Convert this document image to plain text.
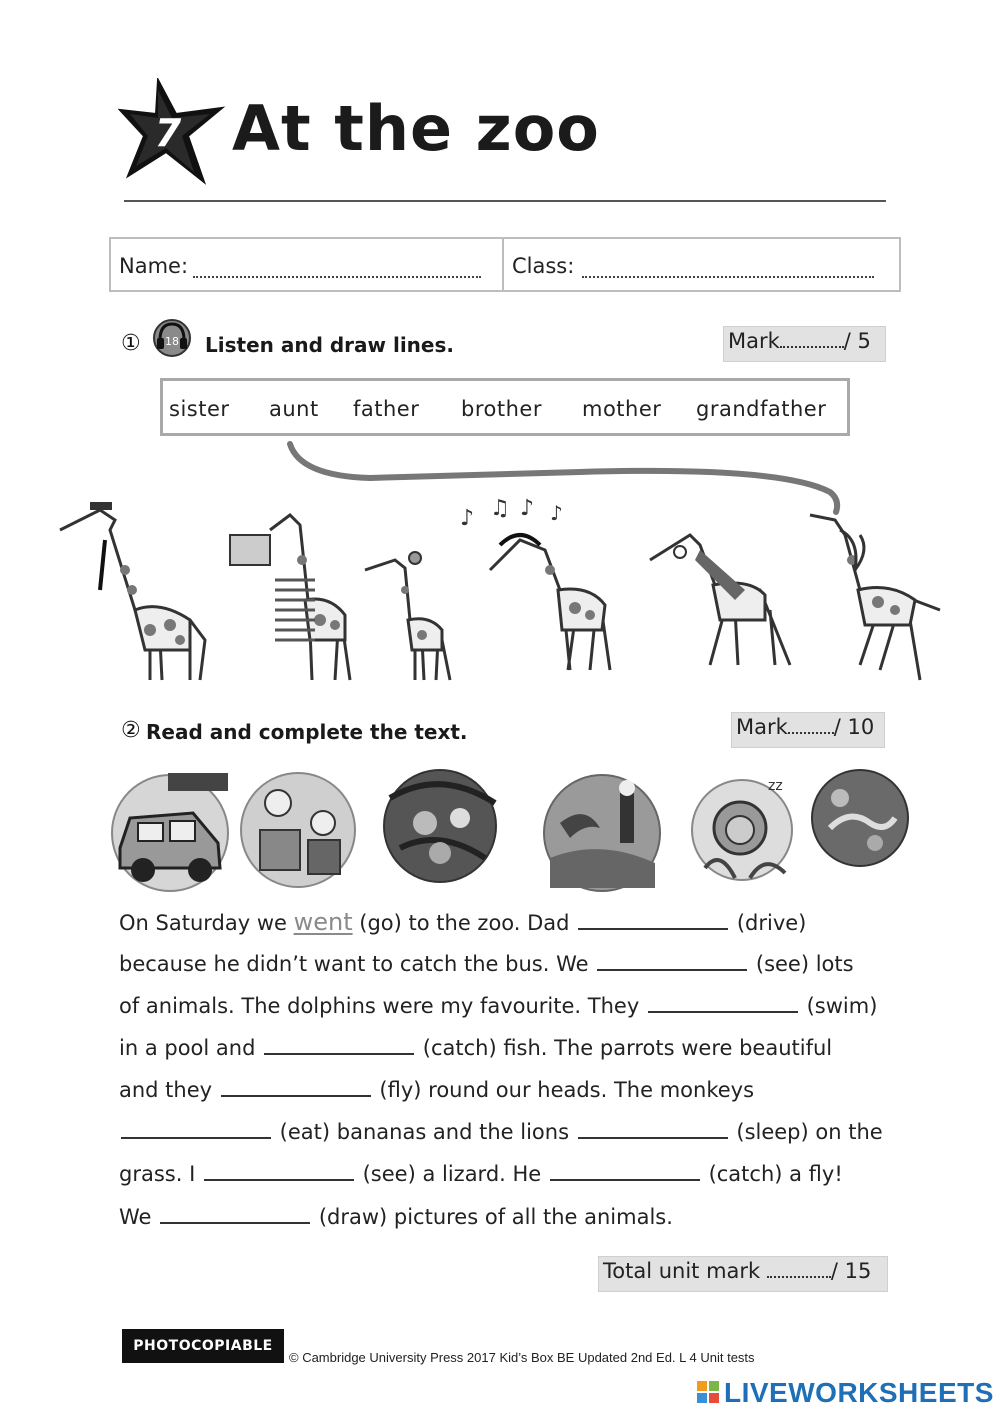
7 At the zoo
Name:	Class:
① 18 Listen and draw lines.	Mark	/ 5
sister aunt father brother mother grandfather
♪ ♫ ♪ ♪
② Read and complete the text.	Mark / 10
zz
On Saturday we went (go) to the zoo. Dad	(drive)
because he didn’t want to catch the bus. We	(see) lots
of animals. The dolphins were my favourite. They	(swim)
in a pool and	(catch) fish. The parrots were beautiful
and they	(fly) round our heads. The monkeys
(eat) bananas and the lions	(sleep) on the
grass. I	(see) a lizard. He	(catch) a fly!
We	(draw) pictures of all the animals.
Total unit mark	/ 15
PHOTOCOPIABLE
© Cambridge University Press 2017 Kid’s Box BE Updated 2nd Ed. L 4 Unit tests
LIVEWORKSHEETS
